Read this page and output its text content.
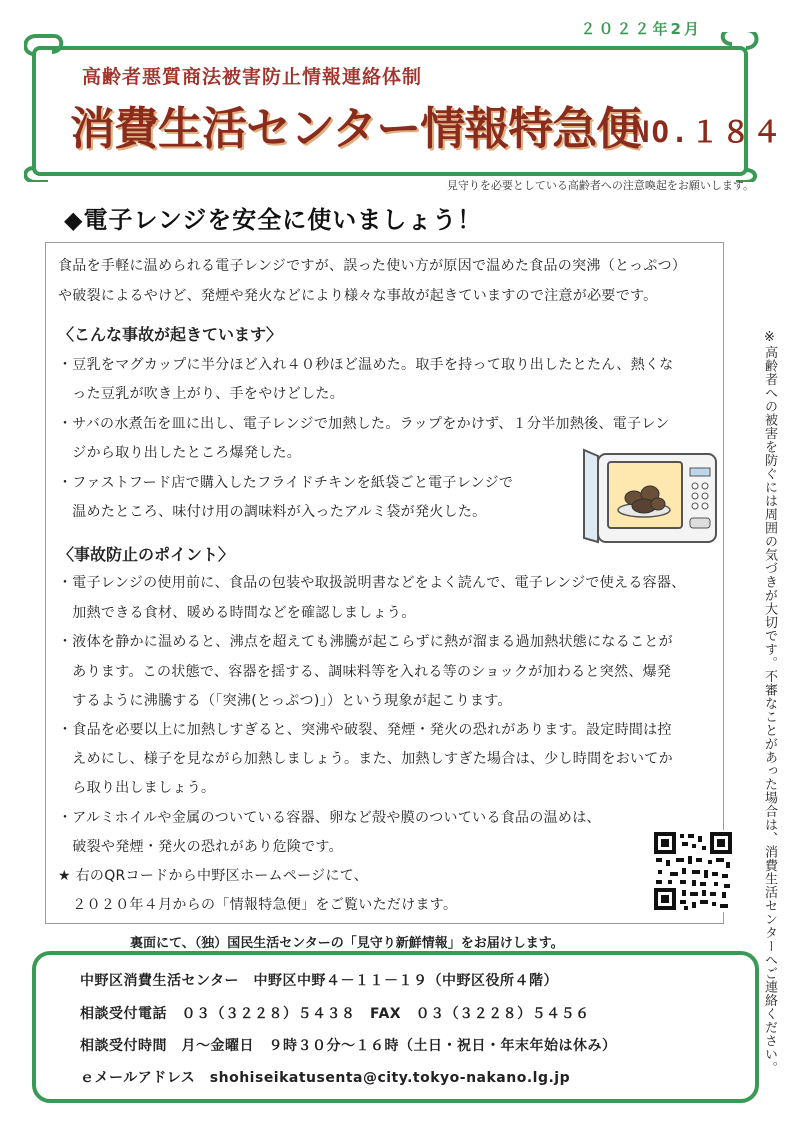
２０２２年2月
高齢者悪質商法被害防止情報連絡体制
消費生活センター情報特急便
NO.１８４
見守りを必要としている高齢者への注意喚起をお願いします。
◆電子レンジを安全に使いましょう！
食品を手軽に温められる電子レンジですが、誤った使い方が原因で温めた食品の突沸（とっぷつ）
や破裂によるやけど、発煙や発火などにより様々な事故が起きていますので注意が必要です。
〈こんな事故が起きています〉
・豆乳をマグカップに半分ほど入れ４０秒ほど温めた。取手を持って取り出したとたん、熱くな
　った豆乳が吹き上がり、手をやけどした。
・サバの水煮缶を皿に出し、電子レンジで加熱した。ラップをかけず、１分半加熱後、電子レン
　ジから取り出したところ爆発した。
・ファストフード店で購入したフライドチキンを紙袋ごと電子レンジで
　温めたところ、味付け用の調味料が入ったアルミ袋が発火した。
〈事故防止のポイント〉
・電子レンジの使用前に、食品の包装や取扱説明書などをよく読んで、電子レンジで使える容器、
　加熱できる食材、暖める時間などを確認しましょう。
・液体を静かに温めると、沸点を超えても沸騰が起こらずに熱が溜まる過加熱状態になることが
　あります。この状態で、容器を揺する、調味料等を入れる等のショックが加わると突然、爆発
　するように沸騰する（「突沸(とっぷつ)」）という現象が起こります。
・食品を必要以上に加熱しすぎると、突沸や破裂、発煙・発火の恐れがあります。設定時間は控
　えめにし、様子を見ながら加熱しましょう。また、加熱しすぎた場合は、少し時間をおいてか
　ら取り出しましょう。
・アルミホイルや金属のついている容器、卵など殻や膜のついている食品の温めは、
　破裂や発煙・発火の恐れがあり危険です。
★ 右のQRコードから中野区ホームページにて、
　２０２０年４月からの「情報特急便」をご覧いただけます。	※高齢者への被害を防ぐには周囲の気づきが大切です。不審なことがあった場合は、消費生活センターへご連絡ください。
裏面にて、（独）国民生活センターの「見守り新鮮情報」をお届けします。
中野区消費生活センター　中野区中野４－１１－１９（中野区役所４階）
相談受付電話　０３（３２２８）５４３８　FAX　０３（３２２８）５４５６
相談受付時間　月～金曜日　９時３０分～１６時（土日・祝日・年末年始は休み）
ｅメールアドレス　shohiseikatusenta@city.tokyo-nakano.lg.jp
